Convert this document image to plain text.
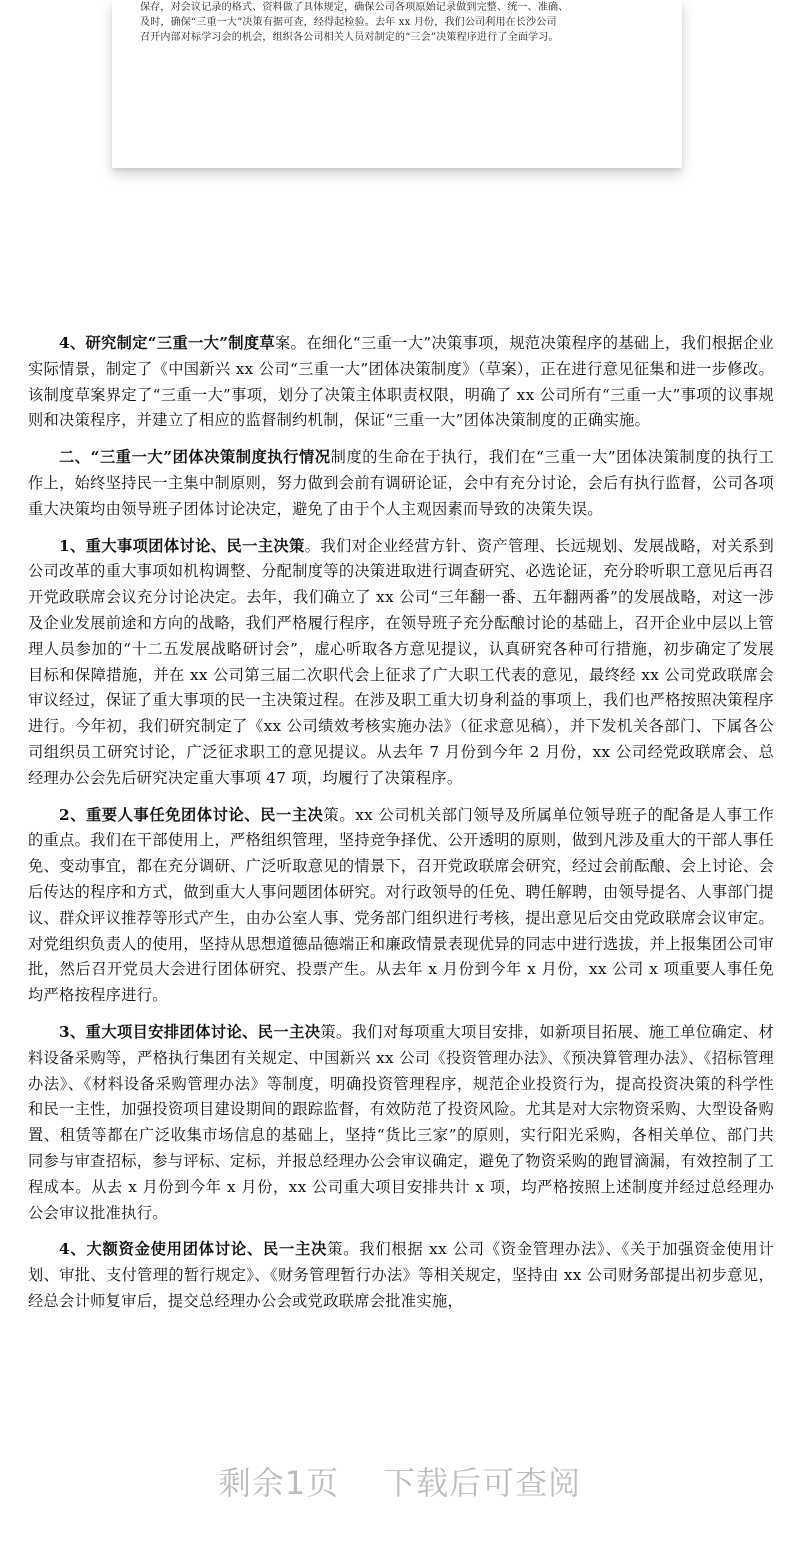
保存，对会议记录的格式、资料做了具体规定，确保公司各项原始记录做到完整、统一、准确、

及时，确保“三重一大”决策有据可查，经得起检验。去年 xx 月份，我们公司利用在长沙公司

召开内部对标学习会的机会，组织各公司相关人员对制定的“三会”决策程序进行了全面学习。

4、研究制定“三重一大”制度草案。在细化“三重一大”决策事项，规范决策程序的基础上，我们根据企业实际情景，制定了《中国新兴 xx 公司“三重一大”团体决策制度》（草案），正在进行意见征集和进一步修改。该制度草案界定了“三重一大”事项，划分了决策主体职责权限，明确了 xx 公司所有“三重一大”事项的议事规则和决策程序，并建立了相应的监督制约机制，保证“三重一大”团体决策制度的正确实施。

二、“三重一大”团体决策制度执行情况制度的生命在于执行，我们在“三重一大”团体决策制度的执行工作上，始终坚持民一主集中制原则，努力做到会前有调研论证，会中有充分讨论，会后有执行监督，公司各项重大决策均由领导班子团体讨论决定，避免了由于个人主观因素而导致的决策失误。

1、重大事项团体讨论、民一主决策。我们对企业经营方针、资产管理、长远规划、发展战略，对关系到公司改革的重大事项如机构调整、分配制度等的决策进取进行调查研究、必选论证，充分聆听职工意见后再召开党政联席会议充分讨论决定。去年，我们确立了 xx 公司“三年翻一番、五年翻两番”的发展战略，对这一涉及企业发展前途和方向的战略，我们严格履行程序，在领导班子充分酝酿讨论的基础上，召开企业中层以上管理人员参加的“十二五发展战略研讨会”，虚心听取各方意见提议，认真研究各种可行措施，初步确定了发展目标和保障措施，并在 xx 公司第三届二次职代会上征求了广大职工代表的意见，最终经 xx 公司党政联席会审议经过，保证了重大事项的民一主决策过程。在涉及职工重大切身利益的事项上，我们也严格按照决策程序进行。今年初，我们研究制定了《xx 公司绩效考核实施办法》（征求意见稿），并下发机关各部门、下属各公司组织员工研究讨论，广泛征求职工的意见提议。从去年 7 月份到今年 2 月份，xx 公司经党政联席会、总经理办公会先后研究决定重大事项 47 项，均履行了决策程序。

2、重要人事任免团体讨论、民一主决策。xx 公司机关部门领导及所属单位领导班子的配备是人事工作的重点。我们在干部使用上，严格组织管理，坚持竞争择优、公开透明的原则，做到凡涉及重大的干部人事任免、变动事宜，都在充分调研、广泛听取意见的情景下，召开党政联席会研究，经过会前酝酿、会上讨论、会后传达的程序和方式，做到重大人事问题团体研究。对行政领导的任免、聘任解聘，由领导提名、人事部门提议、群众评议推荐等形式产生，由办公室人事、党务部门组织进行考核，提出意见后交由党政联席会议审定。对党组织负责人的使用，坚持从思想道德品德端正和廉政情景表现优异的同志中进行选拔，并上报集团公司审批，然后召开党员大会进行团体研究、投票产生。从去年 x 月份到今年 x 月份，xx 公司 x 项重要人事任免均严格按程序进行。

3、重大项目安排团体讨论、民一主决策。我们对每项重大项目安排，如新项目拓展、施工单位确定、材料设备采购等，严格执行集团有关规定、中国新兴 xx 公司《投资管理办法》、《预决算管理办法》、《招标管理办法》、《材料设备采购管理办法》等制度，明确投资管理程序，规范企业投资行为，提高投资决策的科学性和民一主性，加强投资项目建设期间的跟踪监督，有效防范了投资风险。尤其是对大宗物资采购、大型设备购置、租赁等都在广泛收集市场信息的基础上，坚持“货比三家”的原则，实行阳光采购，各相关单位、部门共同参与审查招标，参与评标、定标，并报总经理办公会审议确定，避免了物资采购的跑冒滴漏，有效控制了工程成本。从去 x 月份到今年 x 月份，xx 公司重大项目安排共计 x 项，均严格按照上述制度并经过总经理办公会审议批准执行。

4、大额资金使用团体讨论、民一主决策。我们根据 xx 公司《资金管理办法》、《关于加强资金使用计划、审批、支付管理的暂行规定》、《财务管理暂行办法》等相关规定，坚持由 xx 公司财务部提出初步意见，经总会计师复审后，提交总经理办公会或党政联席会批准实施，

剩余1页 下载后可查阅
